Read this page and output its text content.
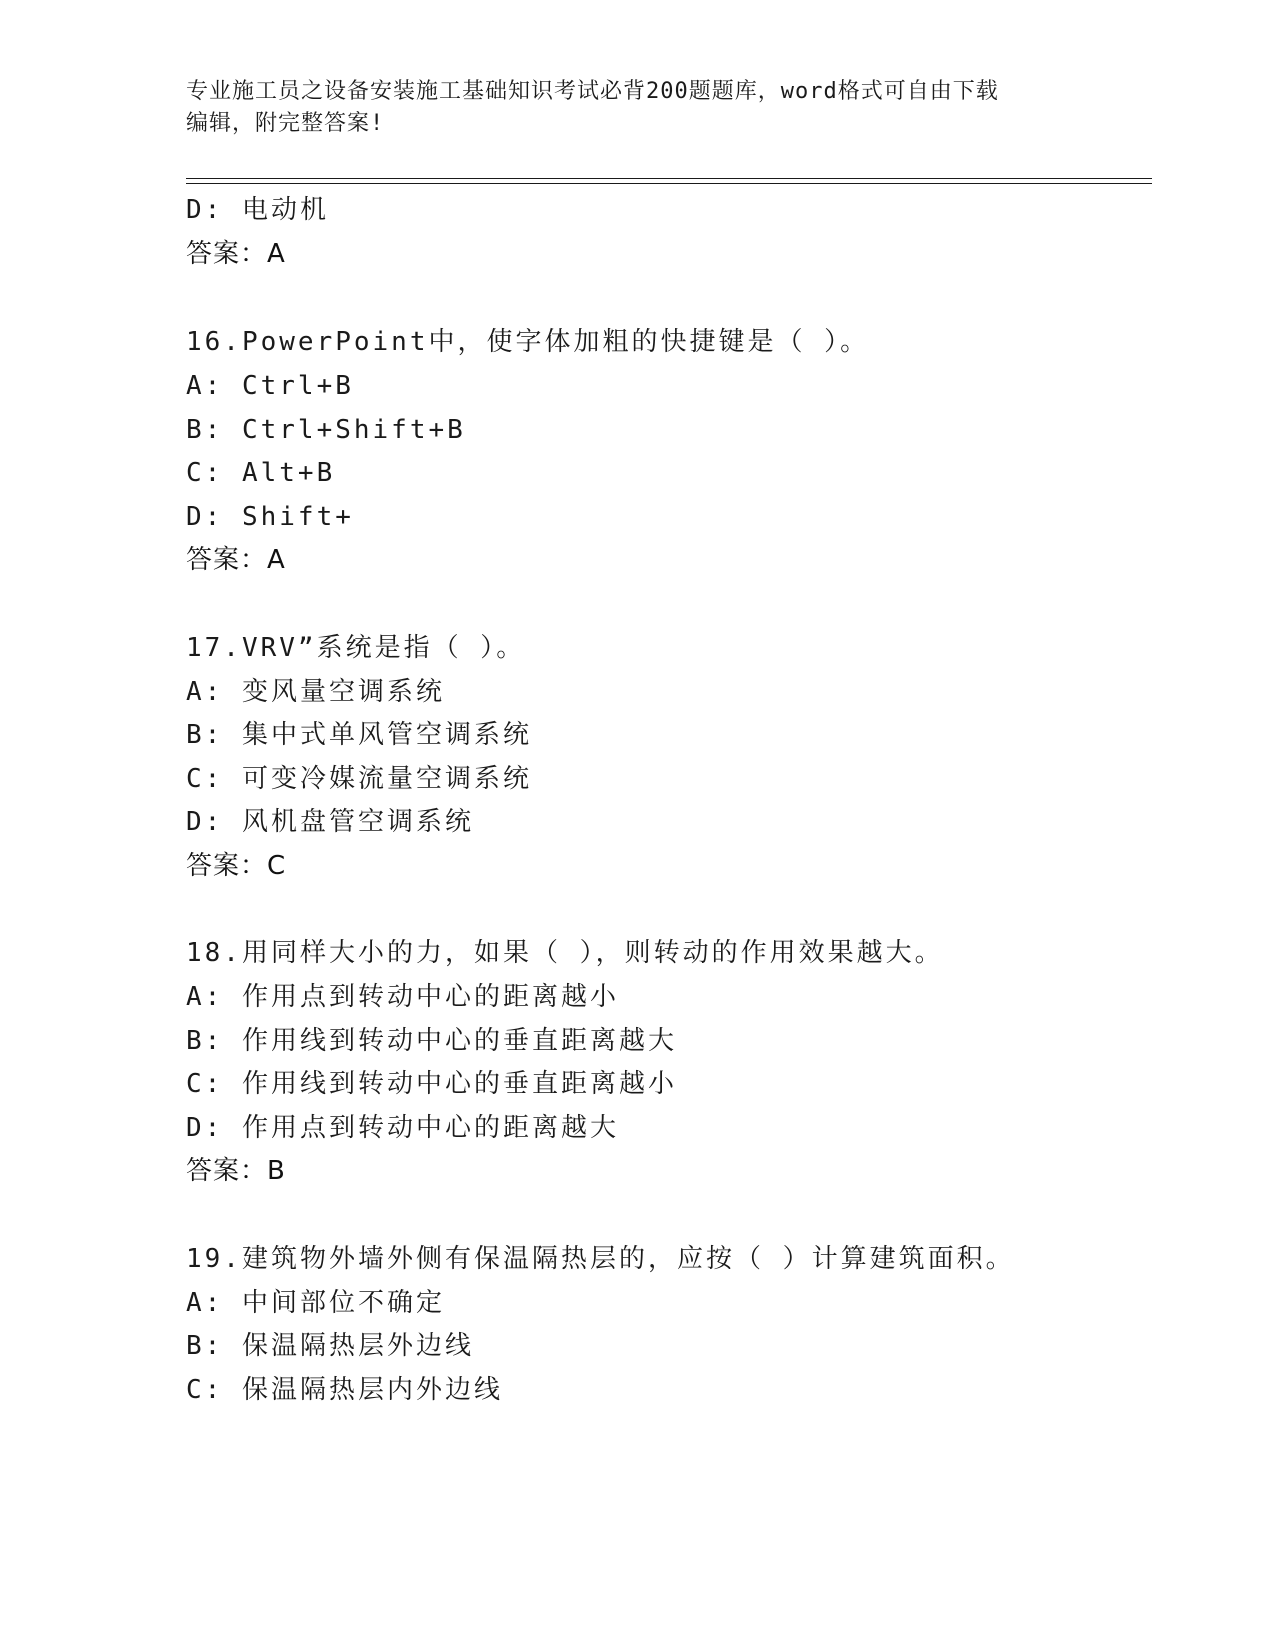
专业施工员之设备安装施工基础知识考试必背200题题库，word格式可自由下载
编辑，附完整答案!
D: 电动机
答案：A
16.PowerPoint中，使字体加粗的快捷键是（ ）。
A: Ctrl+B
B: Ctrl+Shift+B
C: Alt+B
D: Shift+
答案：A
17.VRV”系统是指（ ）。
A: 变风量空调系统
B: 集中式单风管空调系统
C: 可变冷媒流量空调系统
D: 风机盘管空调系统
答案：C
18.用同样大小的力，如果（ ），则转动的作用效果越大。
A: 作用点到转动中心的距离越小
B: 作用线到转动中心的垂直距离越大
C: 作用线到转动中心的垂直距离越小
D: 作用点到转动中心的距离越大
答案：B
19.建筑物外墙外侧有保温隔热层的，应按（ ）计算建筑面积。
A: 中间部位不确定
B: 保温隔热层外边线
C: 保温隔热层内外边线
